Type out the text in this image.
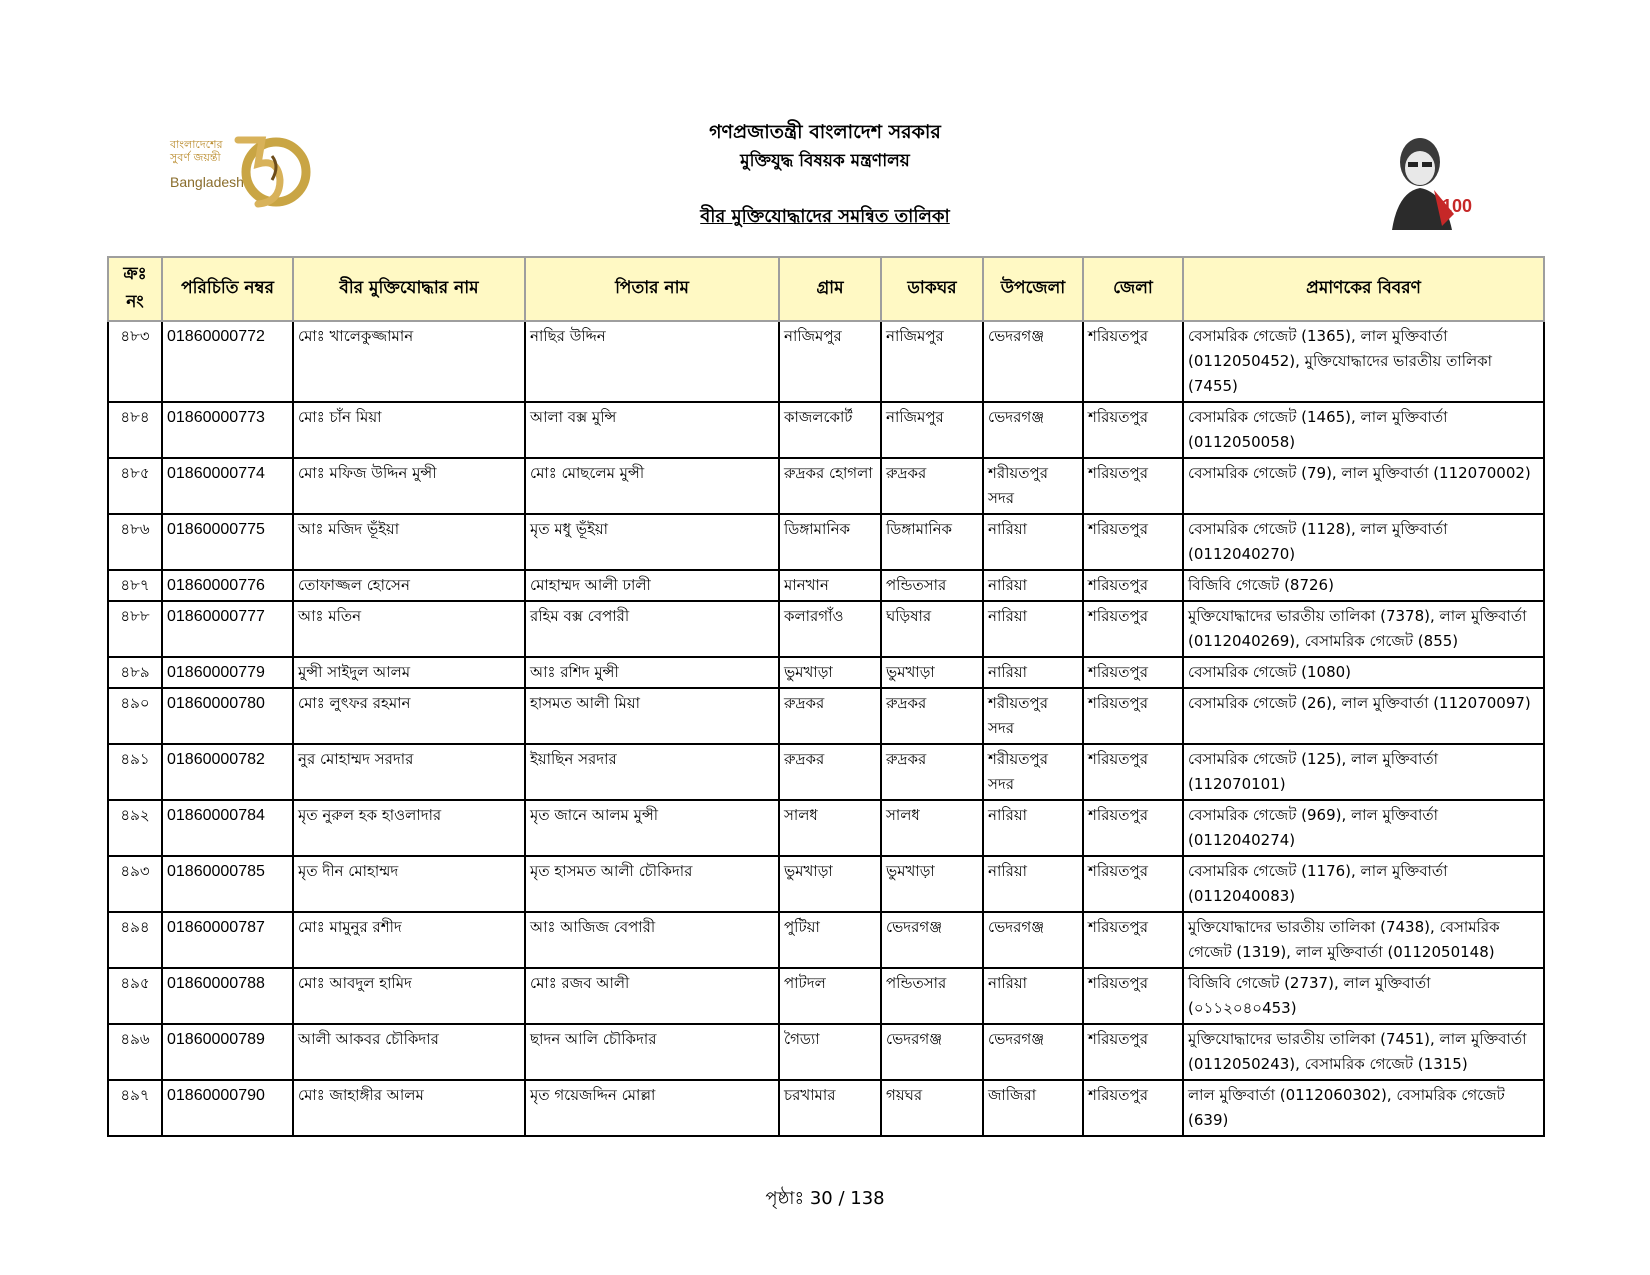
বাংলাদেশের সুবর্ণ জয়ন্তী
Bangladesh
গণপ্রজাতন্ত্রী বাংলাদেশ সরকার
মুক্তিযুদ্ধ বিষয়ক মন্ত্রণালয়
বীর মুক্তিযোদ্ধাদের সমন্বিত তালিকা	100
ক্রঃ নং	পরিচিতি নম্বর	বীর মুক্তিযোদ্ধার নাম	পিতার নাম	গ্রাম	ডাকঘর	উপজেলা	জেলা	প্রমাণকের বিবরণ
৪৮৩	01860000772	মোঃ খালেকুজ্জামান	নাছির উদ্দিন	নাজিমপুর	নাজিমপুর	ভেদরগঞ্জ	শরিয়তপুর	বেসামরিক গেজেট (1365), লাল মুক্তিবার্তা (0112050452), মুক্তিযোদ্ধাদের ভারতীয় তালিকা (7455)
৪৮৪	01860000773	মোঃ চাঁন মিয়া	আলা বক্স মুন্সি	কাজলকোর্ট	নাজিমপুর	ভেদরগঞ্জ	শরিয়তপুর	বেসামরিক গেজেট (1465), লাল মুক্তিবার্তা (0112050058)
৪৮৫	01860000774	মোঃ মফিজ উদ্দিন মুন্সী	মোঃ মোছলেম মুন্সী	রুদ্রকর হোগলা	রুদ্রকর	শরীয়তপুর সদর	শরিয়তপুর	বেসামরিক গেজেট (79), লাল মুক্তিবার্তা (112070002)
৪৮৬	01860000775	আঃ মজিদ ভূঁইয়া	মৃত মধু ভূঁইয়া	ডিঙ্গামানিক	ডিঙ্গামানিক	নারিয়া	শরিয়তপুর	বেসামরিক গেজেট (1128), লাল মুক্তিবার্তা (0112040270)
৪৮৭	01860000776	তোফাজ্জল হোসেন	মোহাম্মদ আলী ঢালী	মানখান	পন্ডিতসার	নারিয়া	শরিয়তপুর	বিজিবি গেজেট (8726)
৪৮৮	01860000777	আঃ মতিন	রহিম বক্স বেপারী	কলারগাঁও	ঘড়িষার	নারিয়া	শরিয়তপুর	মুক্তিযোদ্ধাদের ভারতীয় তালিকা (7378), লাল মুক্তিবার্তা (0112040269), বেসামরিক গেজেট (855)
৪৮৯	01860000779	মুন্সী সাইদুল আলম	আঃ রশিদ মুন্সী	ভুমখাড়া	ভুমখাড়া	নারিয়া	শরিয়তপুর	বেসামরিক গেজেট (1080)
৪৯০	01860000780	মোঃ লুৎফর রহমান	হাসমত আলী মিয়া	রুদ্রকর	রুদ্রকর	শরীয়তপুর সদর	শরিয়তপুর	বেসামরিক গেজেট (26), লাল মুক্তিবার্তা (112070097)
৪৯১	01860000782	নুর মোহাম্মদ সরদার	ইয়াছিন সরদার	রুদ্রকর	রুদ্রকর	শরীয়তপুর সদর	শরিয়তপুর	বেসামরিক গেজেট (125), লাল মুক্তিবার্তা (112070101)
৪৯২	01860000784	মৃত নুরুল হক হাওলাদার	মৃত জানে আলম মুন্সী	সালধ	সালধ	নারিয়া	শরিয়তপুর	বেসামরিক গেজেট (969), লাল মুক্তিবার্তা (0112040274)
৪৯৩	01860000785	মৃত দীন মোহাম্মদ	মৃত হাসমত আলী চৌকিদার	ভুমখাড়া	ভুমখাড়া	নারিয়া	শরিয়তপুর	বেসামরিক গেজেট (1176), লাল মুক্তিবার্তা (0112040083)
৪৯৪	01860000787	মোঃ মামুনুর রশীদ	আঃ আজিজ বেপারী	পুটিয়া	ভেদরগঞ্জ	ভেদরগঞ্জ	শরিয়তপুর	মুক্তিযোদ্ধাদের ভারতীয় তালিকা (7438), বেসামরিক গেজেট (1319), লাল মুক্তিবার্তা (0112050148)
৪৯৫	01860000788	মোঃ আবদুল হামিদ	মোঃ রজব আলী	পাটদল	পন্ডিতসার	নারিয়া	শরিয়তপুর	বিজিবি গেজেট (2737), লাল মুক্তিবার্তা (০১১২০৪০453)
৪৯৬	01860000789	আলী আকবর চৌকিদার	ছাদন আলি চৌকিদার	গৈড্যা	ভেদরগঞ্জ	ভেদরগঞ্জ	শরিয়তপুর	মুক্তিযোদ্ধাদের ভারতীয় তালিকা (7451), লাল মুক্তিবার্তা (0112050243), বেসামরিক গেজেট (1315)
৪৯৭	01860000790	মোঃ জাহাঙ্গীর আলম	মৃত গয়েজদ্দিন মোল্লা	চরখামার	গয়ঘর	জাজিরা	শরিয়তপুর	লাল মুক্তিবার্তা (0112060302), বেসামরিক গেজেট (639)
পৃষ্ঠাঃ 30 / 138
